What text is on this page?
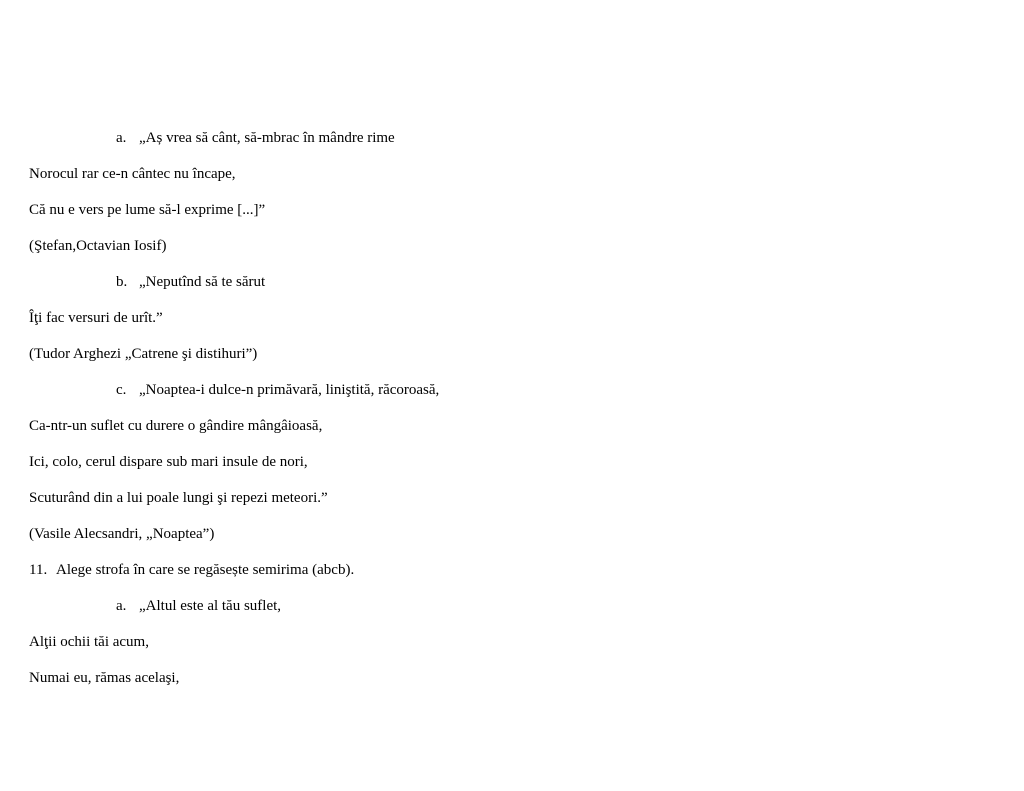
a. „Aș vrea să cânt, să-mbrac în mândre rime
Norocul rar ce-n cântec nu încape,
Că nu e vers pe lume să-l exprime [...]”
(Ştefan,Octavian Iosif)
b. „Neputînd să te sărut
Îţi fac versuri de urît.”
(Tudor Arghezi „Catrene şi distihuri”)
c. „Noaptea-i dulce-n primăvară, liniştită, răcoroasă,
Ca-ntr-un suflet cu durere o gândire mângâioasă,
Ici, colo, cerul dispare sub mari insule de nori,
Scuturând din a lui poale lungi şi repezi meteori.”
(Vasile Alecsandri, „Noaptea”)
11. Alege strofa în care se regăsește semirima (abcb).
a. „Altul este al tău suflet,
Alţii ochii tăi acum,
Numai eu, rămas acelaşi,
